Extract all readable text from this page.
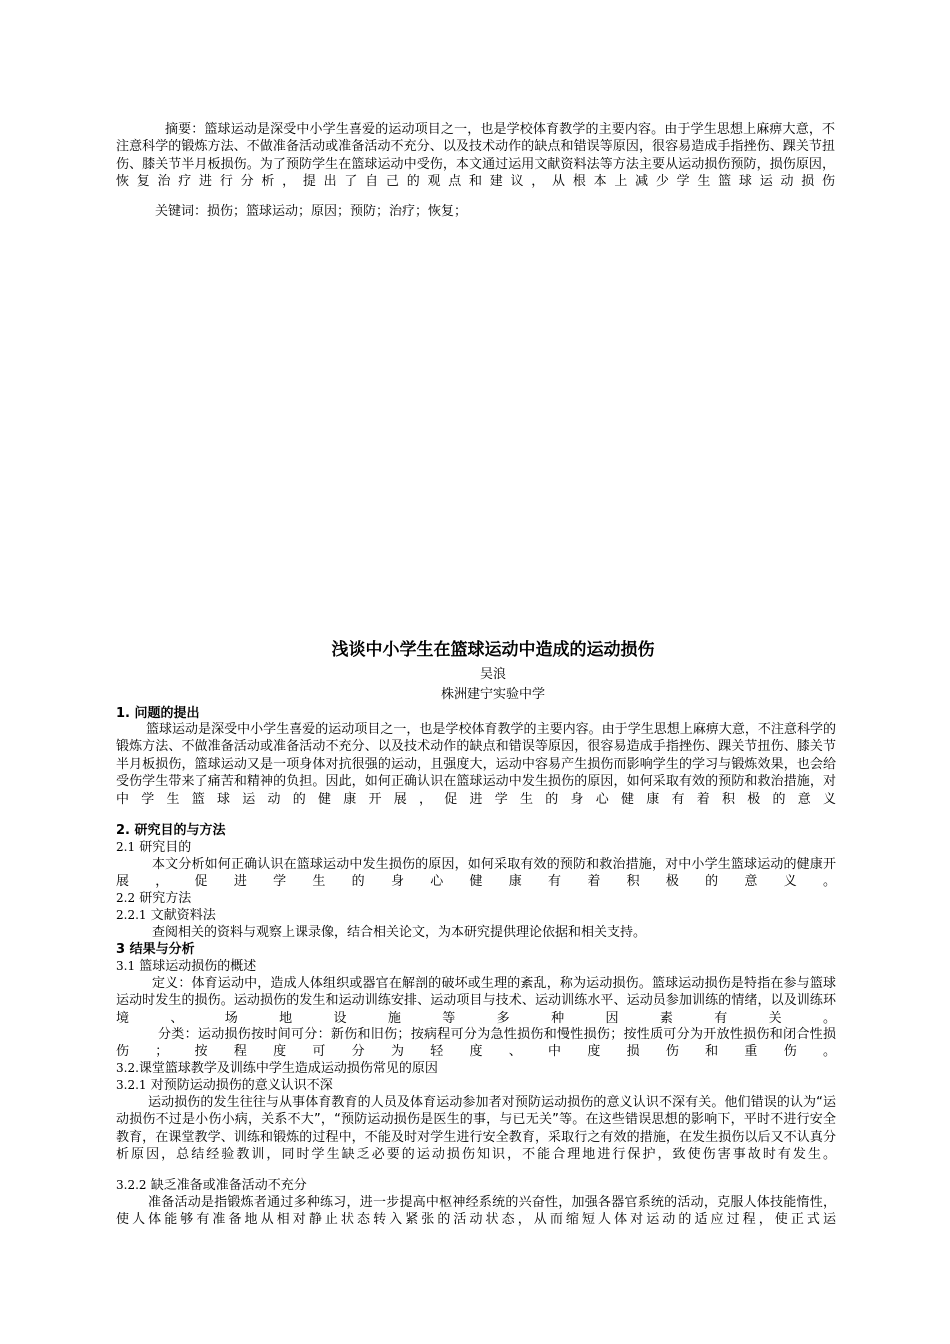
摘要：篮球运动是深受中小学生喜爱的运动项目之一，也是学校体育教学的主要内容。由于学生思想上麻痹大意，不注意科学的锻炼方法、不做准备活动或准备活动不充分、以及技术动作的缺点和错误等原因，很容易造成手指挫伤、踝关节扭伤、膝关节半月板损伤。为了预防学生在篮球运动中受伤，本文通过运用文献资料法等方法主要从运动损伤预防，损伤原因，恢复治疗进行分析，提出了自己的观点和建议，从根本上减少学生篮球运动损伤

关键词：损伤；篮球运动；原因；预防；治疗；恢复；

浅谈中小学生在篮球运动中造成的运动损伤

吴浪

株洲建宁实验中学

1. 问题的提出

篮球运动是深受中小学生喜爱的运动项目之一，也是学校体育教学的主要内容。由于学生思想上麻痹大意，不注意科学的锻炼方法、不做准备活动或准备活动不充分、以及技术动作的缺点和错误等原因，很容易造成手指挫伤、踝关节扭伤、膝关节半月板损伤，篮球运动又是一项身体对抗很强的运动，且强度大，运动中容易产生损伤而影响学生的学习与锻炼效果，也会给受伤学生带来了痛苦和精神的负担。因此，如何正确认识在篮球运动中发生损伤的原因，如何采取有效的预防和救治措施，对中学生篮球运动的健康开展，促进学生的身心健康有着积极的意义

2. 研究目的与方法

2.1 研究目的

本文分析如何正确认识在篮球运动中发生损伤的原因，如何采取有效的预防和救治措施，对中小学生篮球运动的健康开展，促进学生的身心健康有着积极的意义。

2.2 研究方法

2.2.1 文献资料法

查阅相关的资料与观察上课录像，结合相关论文，为本研究提供理论依据和相关支持。

3 结果与分析

3.1 篮球运动损伤的概述

定义：体育运动中，造成人体组织或器官在解剖的破坏或生理的紊乱，称为运动损伤。篮球运动损伤是特指在参与篮球运动时发生的损伤。运动损伤的发生和运动训练安排、运动项目与技术、运动训练水平、运动员参加训练的情绪，以及训练环境、场地设施等多种因素有关。

分类：运动损伤按时间可分：新伤和旧伤；按病程可分为急性损伤和慢性损伤；按性质可分为开放性损伤和闭合性损伤；按程度可分为轻度、中度损伤和重伤。

3.2.课堂篮球教学及训练中学生造成运动损伤常见的原因

3.2.1 对预防运动损伤的意义认识不深

运动损伤的发生往往与从事体育教育的人员及体育运动参加者对预防运动损伤的意义认识不深有关。他们错误的认为“运动损伤不过是小伤小病，关系不大”，“预防运动损伤是医生的事，与已无关”等。在这些错误思想的影响下，平时不进行安全教育，在课堂教学、训练和锻炼的过程中，不能及时对学生进行安全教育，采取行之有效的措施，在发生损伤以后又不认真分析原因，总结经验教训，同时学生缺乏必要的运动损伤知识，不能合理地进行保护，致使伤害事故时有发生。

3.2.2 缺乏准备或准备活动不充分

准备活动是指锻炼者通过多种练习，进一步提高中枢神经系统的兴奋性，加强各器官系统的活动，克服人体技能惰性，使人体能够有准备地从相对静止状态转入紧张的活动状态，从而缩短人体对运动的适应过程，使正式运
